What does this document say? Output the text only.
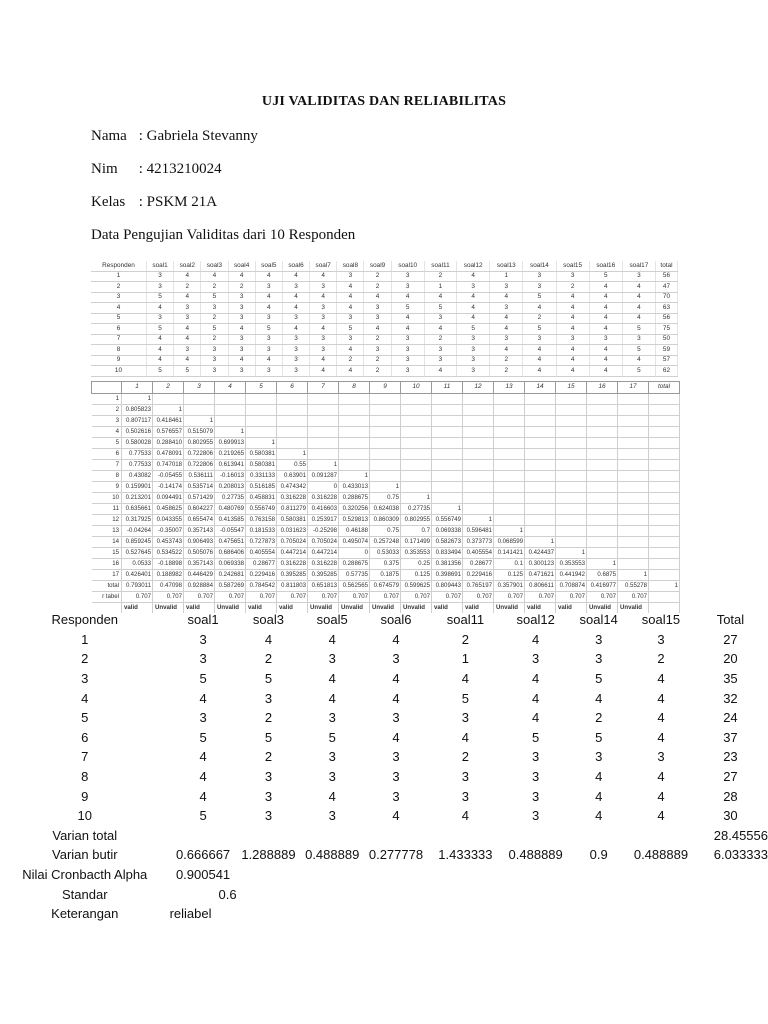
UJI VALIDITAS DAN RELIABILITAS
Nama : Gabriela Stevanny
Nim : 4213210024
Kelas : PSKM 21A
Data Pengujian Validitas dari 10 Responden
Responden	soal1	soal2	soal3	soal4	soal5	soal6	soal7	soal8	soal9	soal10	soal11	soal12	soal13	soal14	soal15	soal16	soal17	total
1	3	4	4	4	4	4	4	3	2	3	2	4	1	3	3	5	3	56
2	3	2	2	2	3	3	3	4	2	3	1	3	3	3	2	4	4	47
3	5	4	5	3	4	4	4	4	4	4	4	4	4	5	4	4	4	70
4	4	3	3	3	4	4	3	4	3	5	5	4	3	4	4	4	4	63
5	3	3	2	3	3	3	3	3	3	4	3	4	4	2	4	4	4	56
6	5	4	5	4	5	4	4	5	4	4	4	5	4	5	4	4	5	75
7	4	4	2	3	3	3	3	3	2	3	2	3	3	3	3	3	3	50
8	4	3	3	3	3	3	3	4	3	3	3	3	4	4	4	4	5	59
9	4	4	3	4	4	3	4	2	2	3	3	3	2	4	4	4	4	57
10	5	5	3	3	3	3	4	4	2	3	4	3	2	4	4	4	5	62
	1	2	3	4	5	6	7	8	9	10	11	12	13	14	15	16	17	total
1	1																	
2	0.805823	1																
3	0.807117	0.418461	1															
4	0.502616	0.576557	0.515079	1														
5	0.580028	0.288410	0.802955	0.699913	1													
6	0.77533	0.478091	0.722806	0.219265	0.580381	1												
7	0.77533	0.747018	0.722806	0.613941	0.580381	0.55	1											
8	0.43082	-0.05455	0.536111	-0.16013	0.331133	0.63901	0.091287	1										
9	0.159901	-0.14174	0.535714	0.208013	0.516185	0.474342	0	0.433013	1									
10	0.213201	0.094491	0.571429	0.27735	0.458831	0.316228	0.316228	0.288675	0.75	1								
11	0.635661	0.458625	0.604227	0.480769	0.556749	0.811279	0.416603	0.320256	0.624038	0.27735	1							
12	0.317925	0.043355	0.655474	0.413585	0.763158	0.580381	0.253917	0.529813	0.860309	0.802955	0.556749	1						
13	-0.04264	-0.35007	0.357143	-0.05547	0.181533	0.031623	-0.25298	0.46188	0.75	0.7	0.069338	0.596481	1					
14	0.859245	0.453743	0.906493	0.475651	0.727873	0.705024	0.705024	0.495074	0.257248	0.171499	0.582673	0.373773	0.068599	1				
15	0.527645	0.534522	0.505076	0.686406	0.405554	0.447214	0.447214	0	0.53033	0.353553	0.833494	0.405554	0.141421	0.424437	1			
16	0.0533	-0.18898	0.357143	0.069338	0.28677	0.316228	0.316228	0.288675	0.375	0.25	0.381356	0.28677	0.1	0.300123	0.353553	1		
17	0.426401	0.188982	0.446429	0.242681	0.229416	0.395285	0.395285	0.57735	0.1875	0.125	0.398691	0.229416	0.125	0.471621	0.441942	0.6875	1	
total	0.793011	0.47098	0.928884	0.587269	0.784542	0.811803	0.651813	0.562565	0.674579	0.599625	0.809443	0.765197	0.357901	0.806611	0.708874	0.416977	0.55278	1
r tabel	0.707	0.707	0.707	0.707	0.707	0.707	0.707	0.707	0.707	0.707	0.707	0.707	0.707	0.707	0.707	0.707	0.707	
	valid	Unvalid	valid	Unvalid	valid	valid	Unvalid	Unvalid	Unvalid	Unvalid	valid	valid	Unvalid	valid	valid	Unvalid	Unvalid	
Responden	soal1	soal3	soal5	soal6	soal11	soal12	soal14	soal15	Total
1	3	4	4	4	2	4	3	3	27
2	3	2	3	3	1	3	3	2	20
3	5	5	4	4	4	4	5	4	35
4	4	3	4	4	5	4	4	4	32
5	3	2	3	3	3	4	2	4	24
6	5	5	5	4	4	5	5	4	37
7	4	2	3	3	2	3	3	3	23
8	4	3	3	3	3	3	4	4	27
9	4	3	4	3	3	3	4	4	28
10	5	3	3	4	4	3	4	4	30
Varian total									28.45556
Varian butir	0.666667	1.288889	0.488889	0.277778	1.433333	0.488889	0.9	0.488889	6.033333
Nilai Cronbacth Alpha	0.900541								
Standar	0.6								
Keterangan	reliabel								
